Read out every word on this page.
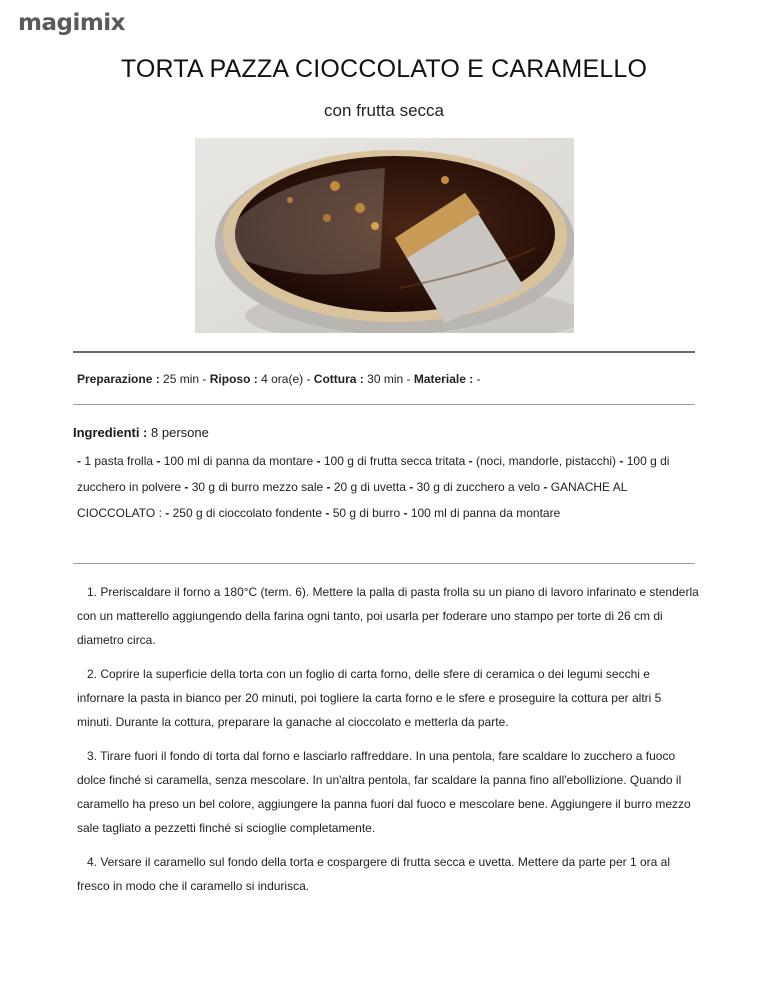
magimix
TORTA PAZZA CIOCCOLATO E CARAMELLO
con frutta secca
Preparazione : 25 min - Riposo : 4 ora(e) - Cottura : 30 min - Materiale : -
Ingredienti : 8 persone
- 1 pasta frolla - 100 ml di panna da montare - 100 g di frutta secca tritata - (noci, mandorle, pistacchi) - 100 g di zucchero in polvere - 30 g di burro mezzo sale - 20 g di uvetta - 30 g di zucchero a velo - GANACHE AL CIOCCOLATO : - 250 g di cioccolato fondente - 50 g di burro - 100 ml di panna da montare

1. Preriscaldare il forno a 180°C (term. 6). Mettere la palla di pasta frolla su un piano di lavoro infarinato e stenderla con un matterello aggiungendo della farina ogni tanto, poi usarla per foderare uno stampo per torte di 26 cm di diametro circa.

2. Coprire la superficie della torta con un foglio di carta forno, delle sfere di ceramica o dei legumi secchi e infornare la pasta in bianco per 20 minuti, poi togliere la carta forno e le sfere e proseguire la cottura per altri 5 minuti. Durante la cottura, preparare la ganache al cioccolato e metterla da parte.

3. Tirare fuori il fondo di torta dal forno e lasciarlo raffreddare. In una pentola, fare scaldare lo zucchero a fuoco dolce finché si caramella, senza mescolare. In un'altra pentola, far scaldare la panna fino all'ebollizione. Quando il caramello ha preso un bel colore, aggiungere la panna fuori dal fuoco e mescolare bene. Aggiungere il burro mezzo sale tagliato a pezzetti finché si scioglie completamente.

4. Versare il caramello sul fondo della torta e cospargere di frutta secca e uvetta. Mettere da parte per 1 ora al fresco in modo che il caramello si indurisca.
